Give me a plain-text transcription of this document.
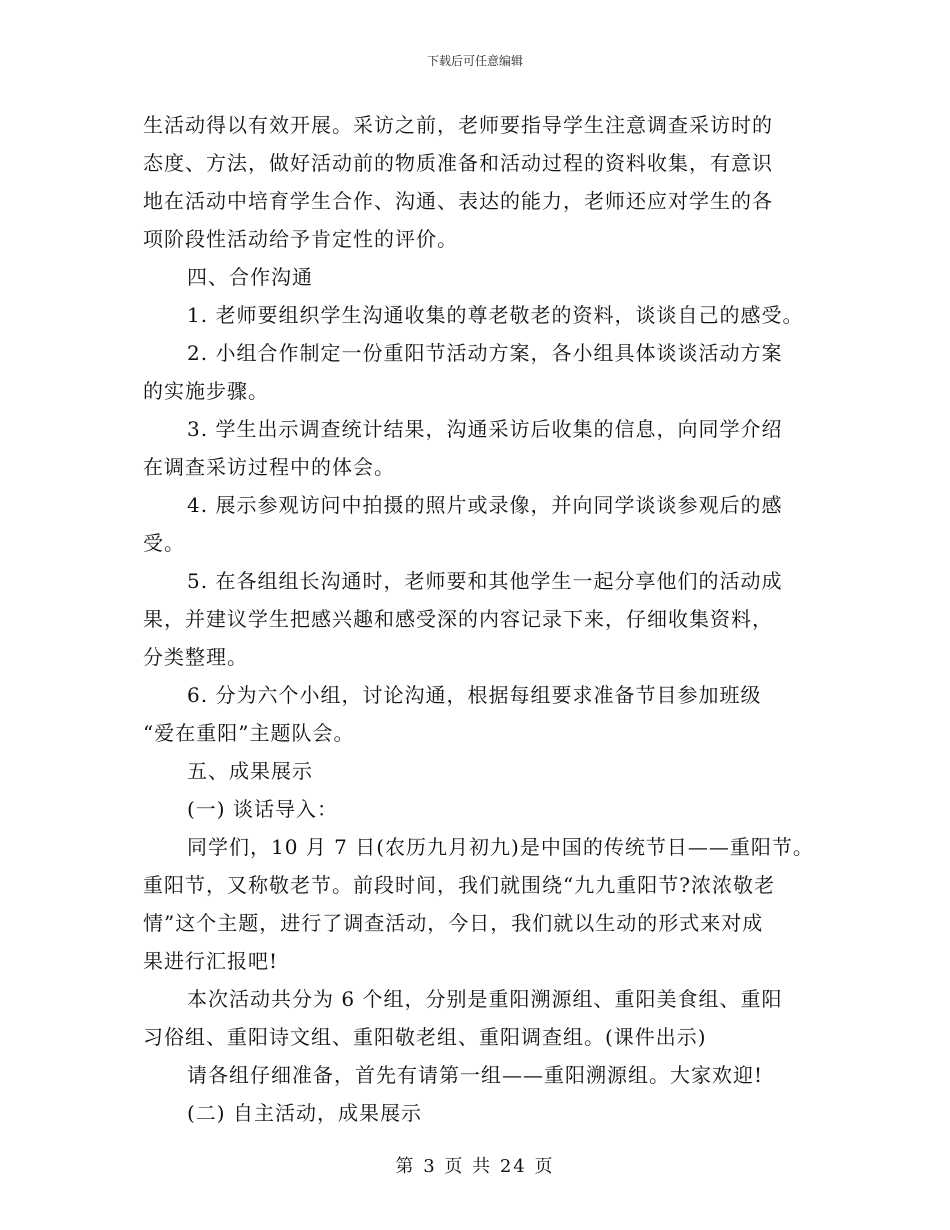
下载后可任意编辑
生活动得以有效开展。采访之前，老师要指导学生注意调查采访时的
态度、方法，做好活动前的物质准备和活动过程的资料收集，有意识
地在活动中培育学生合作、沟通、表达的能力，老师还应对学生的各
项阶段性活动给予肯定性的评价。
四、合作沟通
1. 老师要组织学生沟通收集的尊老敬老的资料，谈谈自己的感受。
2. 小组合作制定一份重阳节活动方案，各小组具体谈谈活动方案
的实施步骤。
3. 学生出示调查统计结果，沟通采访后收集的信息，向同学介绍
在调查采访过程中的体会。
4. 展示参观访问中拍摄的照片或录像，并向同学谈谈参观后的感
受。
5. 在各组组长沟通时，老师要和其他学生一起分享他们的活动成
果，并建议学生把感兴趣和感受深的内容记录下来，仔细收集资料，
分类整理。
6. 分为六个小组，讨论沟通，根据每组要求准备节目参加班级
“爱在重阳”主题队会。
五、成果展示
(一) 谈话导入：
同学们，10 月 7 日(农历九月初九)是中国的传统节日——重阳节。
重阳节，又称敬老节。前段时间，我们就围绕“九九重阳节?浓浓敬老
情”这个主题，进行了调查活动，今日，我们就以生动的形式来对成
果进行汇报吧!
本次活动共分为 6 个组，分别是重阳溯源组、重阳美食组、重阳
习俗组、重阳诗文组、重阳敬老组、重阳调查组。(课件出示)
请各组仔细准备，首先有请第一组——重阳溯源组。大家欢迎!
(二) 自主活动，成果展示
第 3 页 共 24 页
